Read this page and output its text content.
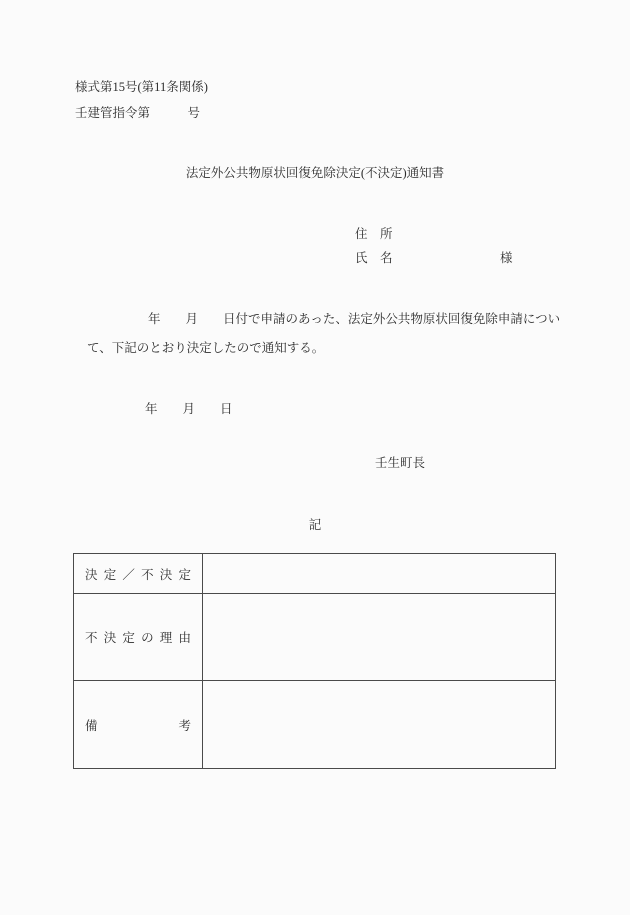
様式第15号(第11条関係)
壬建管指令第　　　号
法定外公共物原状回復免除決定(不決定)通知書
住　所
氏　名	様
年　　月　　日付で申請のあった、法定外公共物原状回復免除申請につい
て、下記のとおり決定したので通知する。
年　　月　　日
壬生町長
記
決 定 ／ 不 決 定
不 決 定 の 理 由
備 考
